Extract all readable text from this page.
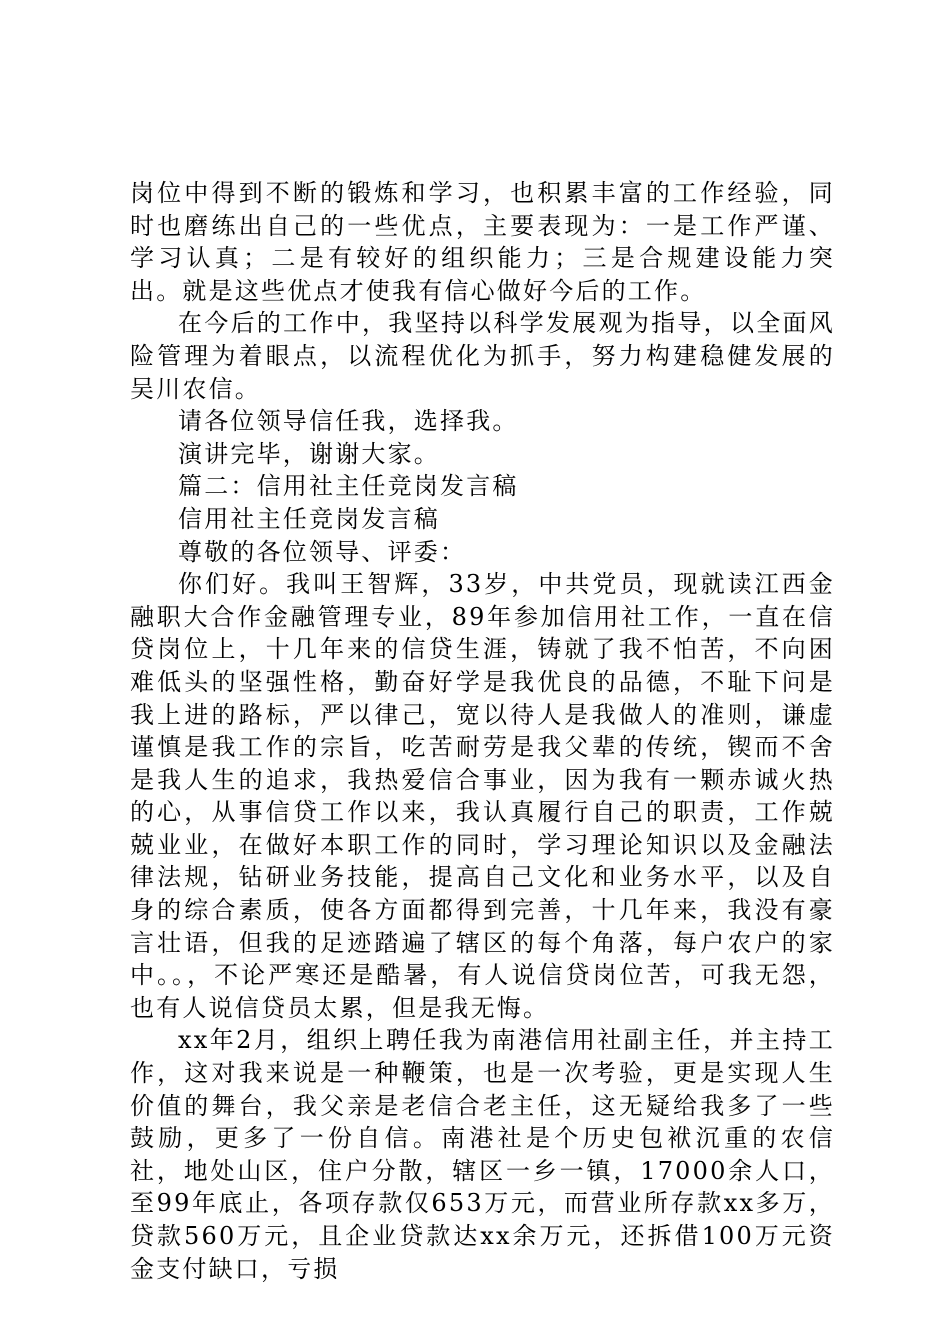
岗位中得到不断的锻炼和学习，也积累丰富的工作经验，同时也磨练出自己的一些优点，主要表现为：一是工作严谨、学习认真；二是有较好的组织能力；三是合规建设能力突出。就是这些优点才使我有信心做好今后的工作。

在今后的工作中，我坚持以科学发展观为指导，以全面风险管理为着眼点，以流程优化为抓手，努力构建稳健发展的吴川农信。

请各位领导信任我，选择我。

演讲完毕，谢谢大家。

篇二：信用社主任竞岗发言稿

信用社主任竞岗发言稿

尊敬的各位领导、评委：

你们好。我叫王智辉，33岁，中共党员，现就读江西金融职大合作金融管理专业，89年参加信用社工作，一直在信贷岗位上，十几年来的信贷生涯，铸就了我不怕苦，不向困难低头的坚强性格，勤奋好学是我优良的品德，不耻下问是我上进的路标，严以律己，宽以待人是我做人的准则，谦虚谨慎是我工作的宗旨，吃苦耐劳是我父辈的传统，锲而不舍是我人生的追求，我热爱信合事业，因为我有一颗赤诚火热的心，从事信贷工作以来，我认真履行自己的职责，工作兢兢业业，在做好本职工作的同时，学习理论知识以及金融法律法规，钻研业务技能，提高自己文化和业务水平，以及自身的综合素质，使各方面都得到完善，十几年来，我没有豪言壮语，但我的足迹踏遍了辖区的每个角落，每户农户的家中。。，不论严寒还是酷暑，有人说信贷岗位苦，可我无怨，也有人说信贷员太累，但是我无悔。

xx年2月，组织上聘任我为南港信用社副主任，并主持工作，这对我来说是一种鞭策，也是一次考验，更是实现人生价值的舞台，我父亲是老信合老主任，这无疑给我多了一些鼓励，更多了一份自信。南港社是个历史包袱沉重的农信社，地处山区，住户分散，辖区一乡一镇，17000余人口，至99年底止，各项存款仅653万元，而营业所存款xx多万，贷款560万元，且企业贷款达xx余万元，还拆借100万元资金支付缺口，亏损
